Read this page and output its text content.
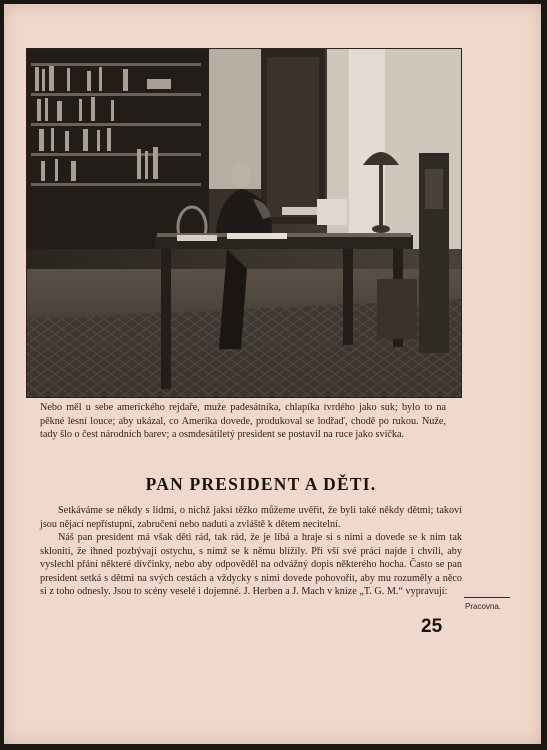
Nebo měl u sebe amerického rejdaře, muže padesátníka, chlapíka tvrdého jako suk; bylo to na pěkné lesní louce; aby ukázal, co Amerika dovede, produkoval se lodřaď, chodě po rukou. Nuže, tady šlo o čest národních barev; a osmdesátiletý president se postavil na ruce jako svíčka.

PAN PRESIDENT A DĚTI.

Setkáváme se někdy s lidmi, o nichž jaksi těžko můžeme uvěřit, že byli také někdy dětmi; takoví jsou nějací nepřístupní, zabručení nebo naduti a zvláště k dětem necitelní.

Náš pan president má však děti rád, tak rád, že je líbá a hraje si s nimi a dovede se k nim tak skloniti, že ihned pozbývají ostychu, s nímž se k němu blížily. Při vší své práci najde i chvíli, aby vyslechl přání některé dívčinky, nebo aby odpověděl na odvážný dopis některého hocha. Často se pan president setká s dětmi na svých cestách a vždycky s nimi dovede pohovořit, aby mu rozuměly a něco si z toho odnesly. Jsou to scény veselé i dojemné. J. Herben a J. Mach v knize „T. G. M.“ vypravují:

Pracovna.
25
